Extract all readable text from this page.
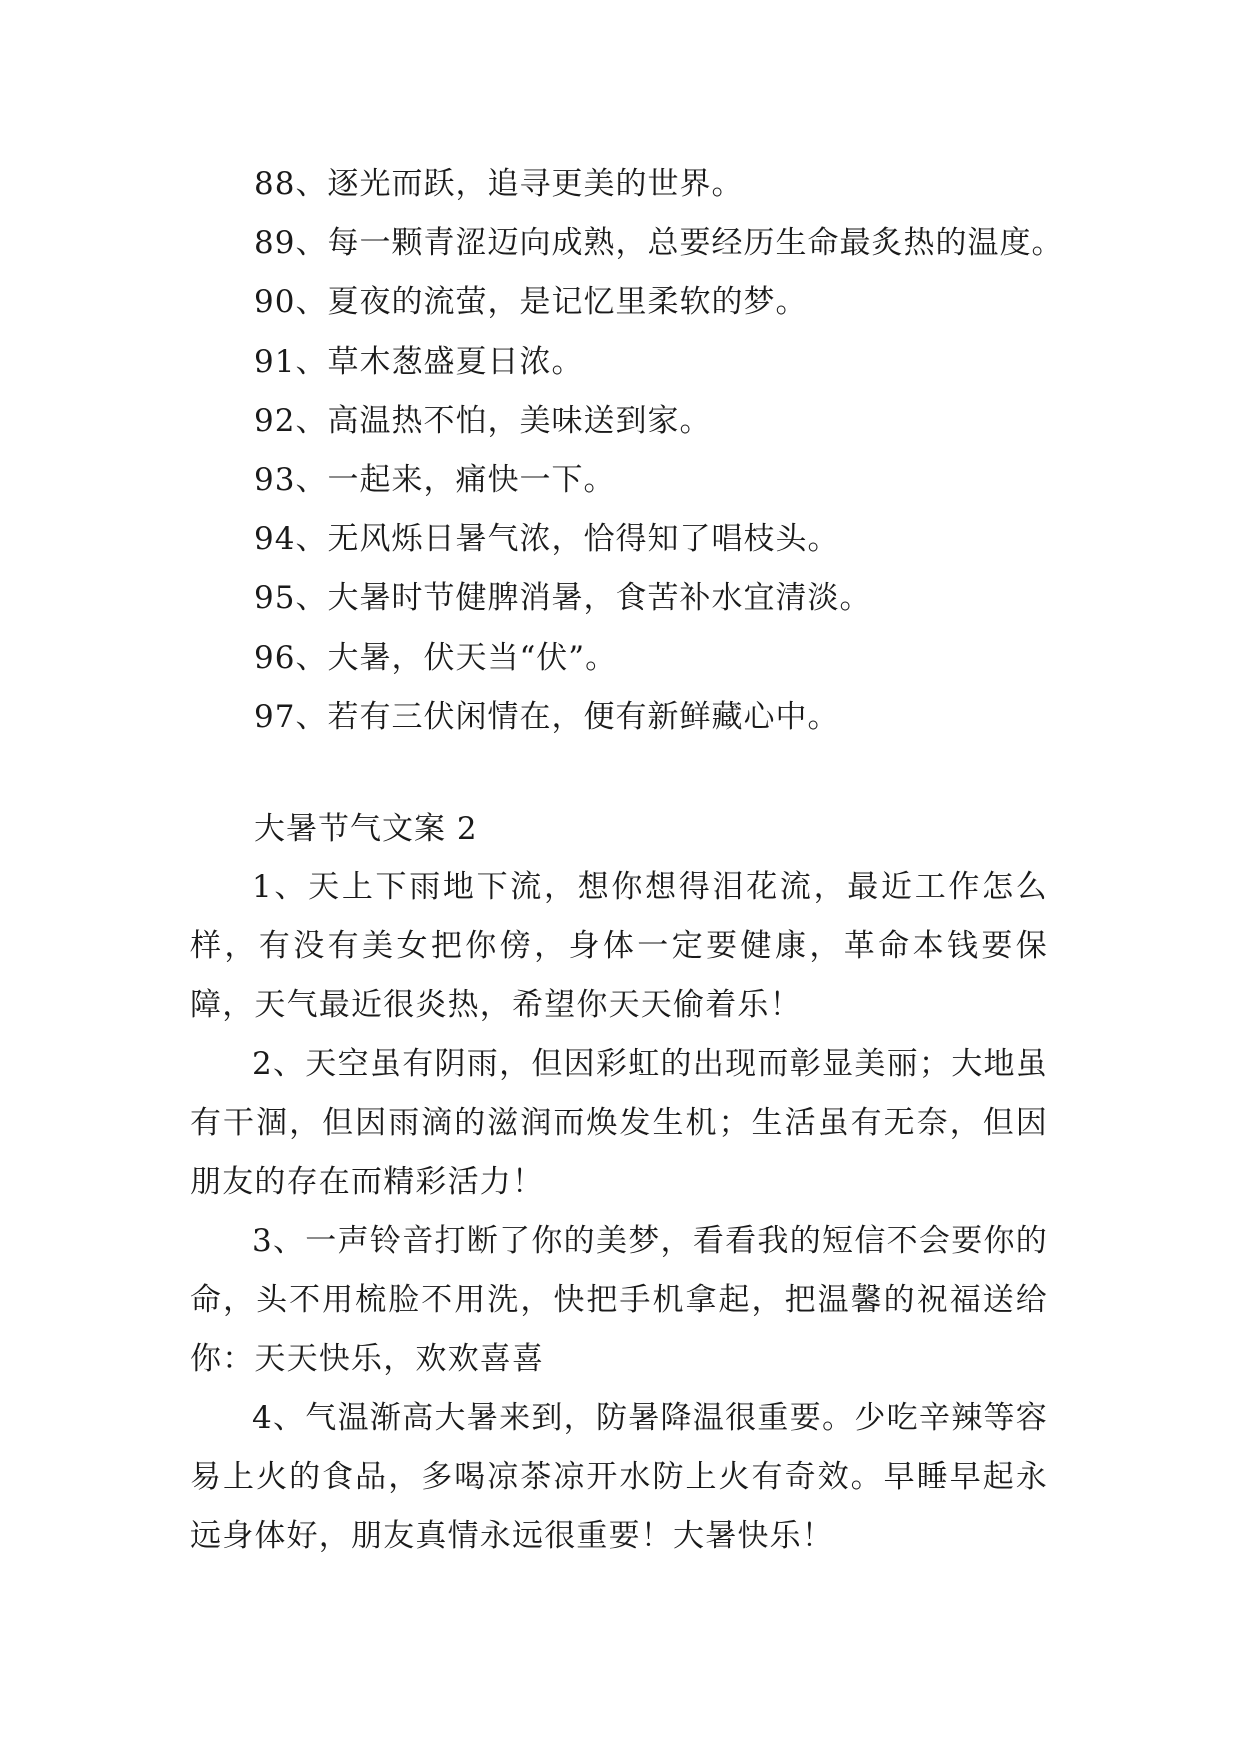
88、逐光而跃，追寻更美的世界。
89、每一颗青涩迈向成熟，总要经历生命最炙热的温度。
90、夏夜的流萤，是记忆里柔软的梦。
91、草木葱盛夏日浓。
92、高温热不怕，美味送到家。
93、一起来，痛快一下。
94、无风烁日暑气浓，恰得知了唱枝头。
95、大暑时节健脾消暑，食苦补水宜清淡。
96、大暑，伏天当“伏”。
97、若有三伏闲情在，便有新鲜藏心中。
大暑节气文案 2

1、天上下雨地下流，想你想得泪花流，最近工作怎么样，有没有美女把你傍，身体一定要健康，革命本钱要保障，天气最近很炎热，希望你天天偷着乐！

2、天空虽有阴雨，但因彩虹的出现而彰显美丽；大地虽有干涸，但因雨滴的滋润而焕发生机；生活虽有无奈，但因朋友的存在而精彩活力！

3、一声铃音打断了你的美梦，看看我的短信不会要你的命，头不用梳脸不用洗，快把手机拿起，把温馨的祝福送给你：天天快乐，欢欢喜喜

4、气温渐高大暑来到，防暑降温很重要。少吃辛辣等容易上火的食品，多喝凉茶凉开水防上火有奇效。早睡早起永远身体好，朋友真情永远很重要！大暑快乐！
